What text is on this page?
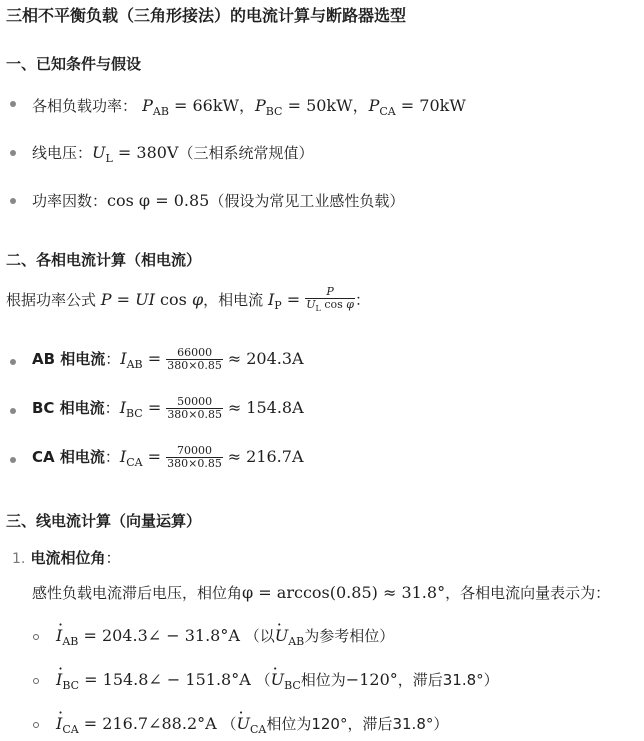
三相不平衡负载（三角形接法）的电流计算与断路器选型
一、已知条件与假设
各相负载功率： $P_{AB} = 66kW$，$P_{BC} = 50kW$，$P_{CA} = 70kW$
线电压：$U_L = 380V$（三相系统常规值）
功率因数：cos φ = 0.85（假设为常见工业感性负载）
二、各相电流计算（相电流）
根据功率公式 P = UI cos φ，相电流 $I_P = \frac{P}{U_L \cos \varphi}$ ：
AB 相电流：$I_{AB} = \frac{66000}{380\times 0.85} \approx 204.3A$
BC 相电流：$I_{BC} = \frac{50000}{380\times 0.85} \approx 154.8A$
CA 相电流：$I_{CA} = \frac{70000}{380\times 0.85} \approx 216.7A$
三、线电流计算（向量运算）
1. 电流相位角：
感性负载电流滞后电压，相位角φ = arccos(0.85) ≈ 31.8°，各相电流向量表示为：
· $I_{AB}$ = 204.3∠ − 31.8°A （以· $U_{AB}$为参考相位）
· $I_{BC}$ = 154.8∠ − 151.8°A （· $U_{BC}$相位为−120°，滞后31.8°）
· $I_{CA}$ = 216.7∠88.2°A （· $U_{CA}$相位为120°，滞后31.8°）
